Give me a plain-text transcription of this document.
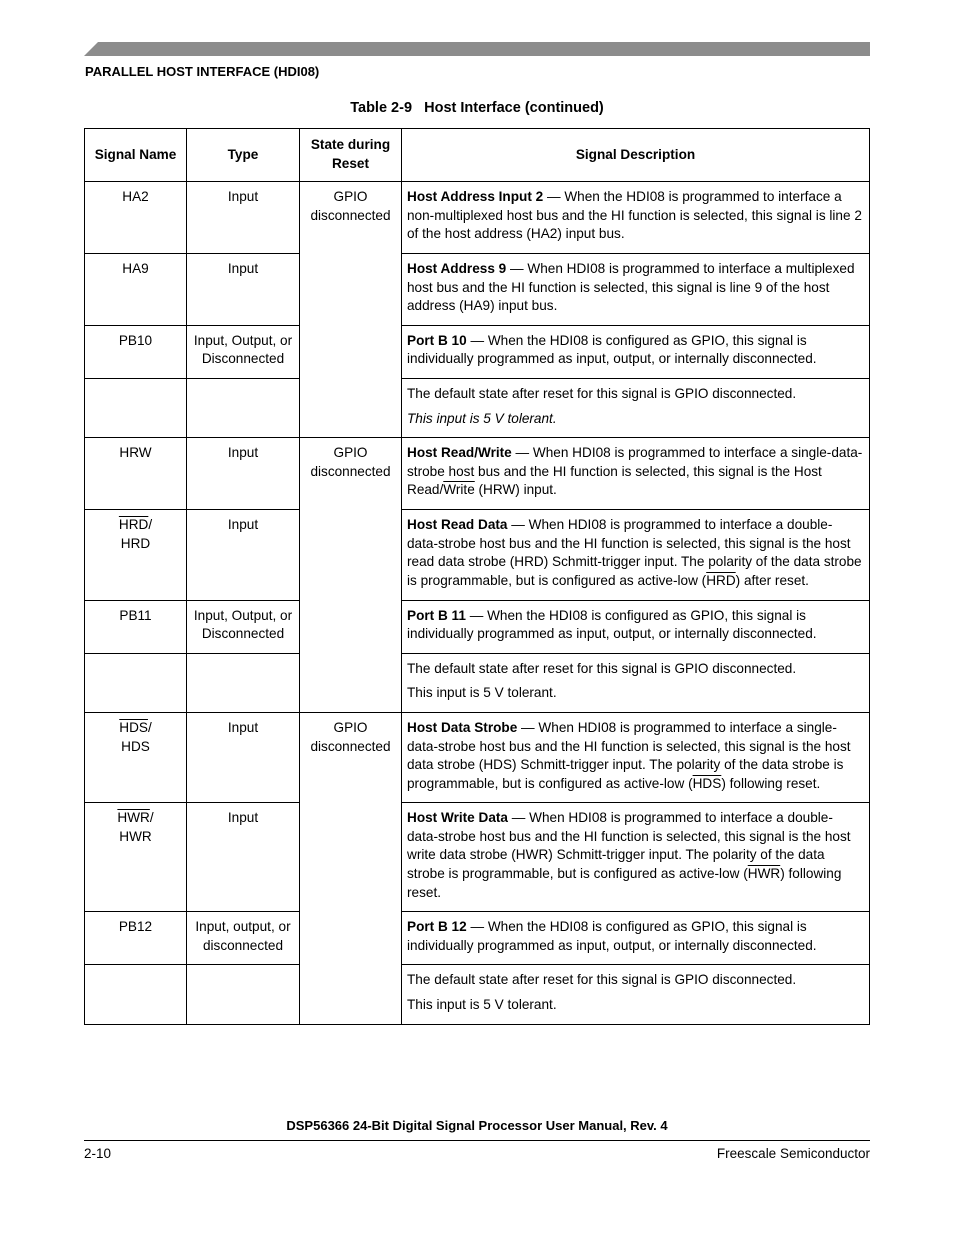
PARALLEL HOST INTERFACE (HDI08)
Table 2-9 Host Interface (continued)
Signal Name	Type	State during Reset	Signal Description
HA2	Input	GPIO disconnected	Host Address Input 2 — When the HDI08 is programmed to interface a non-multiplexed host bus and the HI function is selected, this signal is line 2 of the host address (HA2) input bus.
HA9	Input		Host Address 9 — When HDI08 is programmed to interface a multiplexed host bus and the HI function is selected, this signal is line 9 of the host address (HA9) input bus.
PB10	Input, Output, or Disconnected		Port B 10 — When the HDI08 is configured as GPIO, this signal is individually programmed as input, output, or internally disconnected.

			The default state after reset for this signal is GPIO disconnected.
This input is 5 V tolerant.

HRW	Input	GPIO disconnected	Host Read/Write — When HDI08 is programmed to interface a single-data-strobe host bus and the HI function is selected, this signal is the Host Read/Write (HRW) input.
$\overline{HRD}/$
HRD	Input		Host Read Data — When HDI08 is programmed to interface a double-data-strobe host bus and the HI function is selected, this signal is the host read data strobe (HRD) Schmitt-trigger input. The polarity of the data strobe is programmable, but is configured as active-low $(\overline{HRD})$ after reset.
PB11	Input, Output, or Disconnected		Port B 11 — When the HDI08 is configured as GPIO, this signal is individually programmed as input, output, or internally disconnected.

			The default state after reset for this signal is GPIO disconnected.
This input is 5 V tolerant.

$\overline{HDS}/$
HDS	Input	GPIO disconnected	Host Data Strobe — When HDI08 is programmed to interface a single-data-strobe host bus and the HI function is selected, this signal is the host data strobe (HDS) Schmitt-trigger input. The polarity of the data strobe is programmable, but is configured as active-low $(\overline{HDS})$ following reset.
$\overline{HWR}/$
HWR	Input		Host Write Data — When HDI08 is programmed to interface a double-data-strobe host bus and the HI function is selected, this signal is the host write data strobe (HWR) Schmitt-trigger input. The polarity of the data strobe is programmable, but is configured as active-low $(\overline{HWR})$ following reset.
PB12	Input, output, or disconnected		Port B 12 — When the HDI08 is configured as GPIO, this signal is individually programmed as input, output, or internally disconnected.

			The default state after reset for this signal is GPIO disconnected.
This input is 5 V tolerant.
DSP56366 24-Bit Digital Signal Processor User Manual, Rev. 4
2-10	Freescale Semiconductor
